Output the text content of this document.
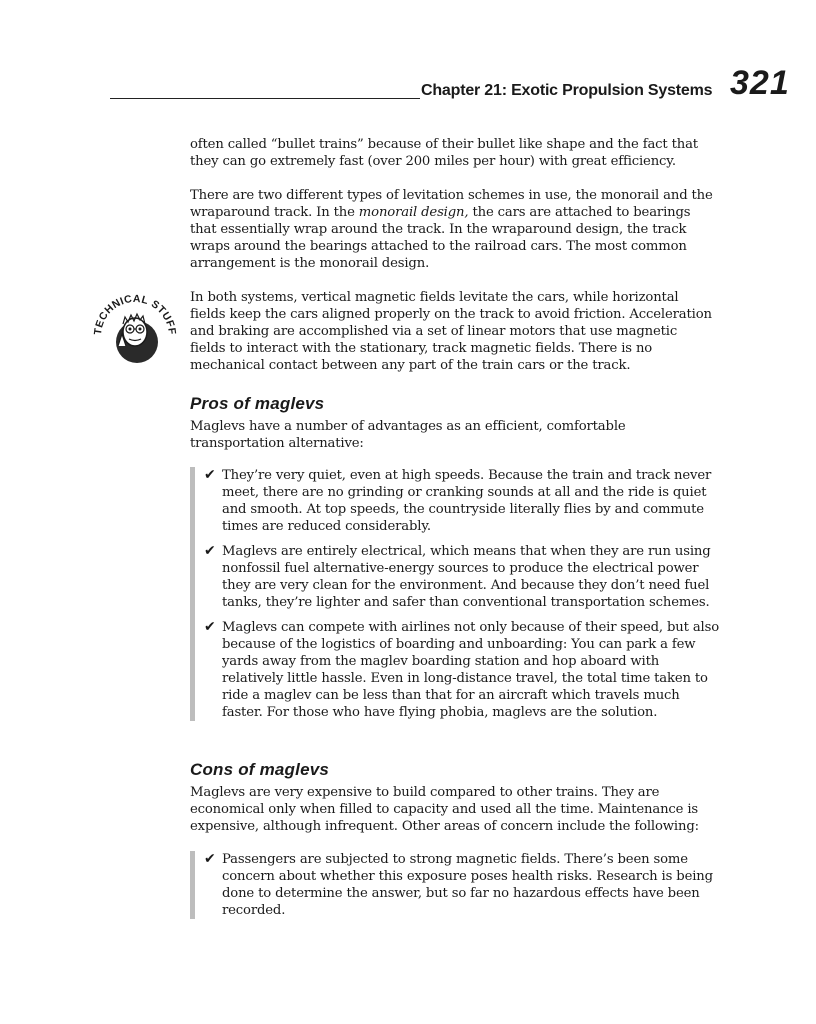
Chapter 21: Exotic Propulsion Systems 321

often called “bullet trains” because of their bullet like shape and the fact that they can go extremely fast (over 200 miles per hour) with great efficiency.

There are two different types of levitation schemes in use, the monorail and the wraparound track. In the monorail design, the cars are attached to bearings that essentially wrap around the track. In the wraparound design, the track wraps around the bearings attached to the railroad cars. The most common arrangement is the monorail design.

TECHNICAL STUFF

In both systems, vertical magnetic fields levitate the cars, while horizontal fields keep the cars aligned properly on the track to avoid friction. Acceleration and braking are accomplished via a set of linear motors that use magnetic fields to interact with the stationary, track magnetic fields. There is no mechanical contact between any part of the train cars or the track.

Pros of maglevs

Maglevs have a number of advantages as an efficient, comfortable transportation alternative:

✔ They’re very quiet, even at high speeds. Because the train and track never meet, there are no grinding or cranking sounds at all and the ride is quiet and smooth. At top speeds, the countryside literally flies by and commute times are reduced considerably.
✔ Maglevs are entirely electrical, which means that when they are run using nonfossil fuel alternative-energy sources to produce the electrical power they are very clean for the environment. And because they don’t need fuel tanks, they’re lighter and safer than conventional transportation schemes.
✔ Maglevs can compete with airlines not only because of their speed, but also because of the logistics of boarding and unboarding: You can park a few yards away from the maglev boarding station and hop aboard with relatively little hassle. Even in long-distance travel, the total time taken to ride a maglev can be less than that for an aircraft which travels much faster. For those who have flying phobia, maglevs are the solution.
Cons of maglevs

Maglevs are very expensive to build compared to other trains. They are economical only when filled to capacity and used all the time. Maintenance is expensive, although infrequent. Other areas of concern include the following:

✔ Passengers are subjected to strong magnetic fields. There’s been some concern about whether this exposure poses health risks. Research is being done to determine the answer, but so far no hazardous effects have been recorded.
